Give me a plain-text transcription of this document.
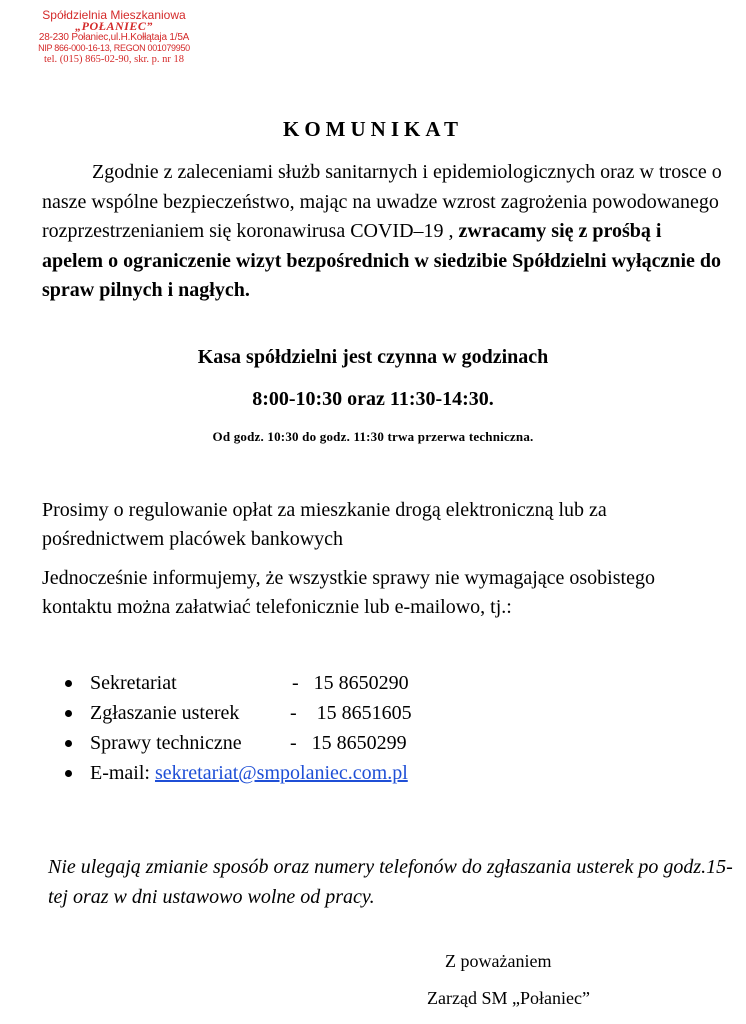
Spółdzielnia Mieszkaniowa
„POŁANIEC”
28-230 Połaniec,ul.H.Kołłątaja 1/5A
NIP 866-000-16-13, REGON 001079950
tel. (015) 865-02-90, skr. p. nr 18
KOMUNIKAT
Zgodnie z zaleceniami służb sanitarnych i epidemiologicznych oraz w trosce o nasze wspólne bezpieczeństwo, mając na uwadze wzrost zagrożenia powodowanego rozprzestrzenianiem się koronawirusa COVID–19 , zwracamy się z prośbą i apelem o ograniczenie wizyt bezpośrednich w siedzibie Spółdzielni wyłącznie do spraw pilnych i nagłych.
Kasa spółdzielni jest czynna w godzinach
8:00-10:30 oraz 11:30-14:30.
Od godz. 10:30 do godz. 11:30 trwa przerwa techniczna.
Prosimy o regulowanie opłat za mieszkanie drogą elektroniczną lub za pośrednictwem placówek bankowych
Jednocześnie informujemy, że wszystkie sprawy nie wymagające osobistego kontaktu można załatwiać telefonicznie lub e-mailowo, tj.:
Sekretariat	- 15 8650290
Zgłaszanie usterek	- 15 8651605
Sprawy techniczne - 15 8650299
E-mail: sekretariat@smpolaniec.com.pl
Nie ulegają zmianie sposób oraz numery telefonów do zgłaszania usterek po godz.15-tej oraz w dni ustawowo wolne od pracy.
Z poważaniem
Zarząd SM „Połaniec”
